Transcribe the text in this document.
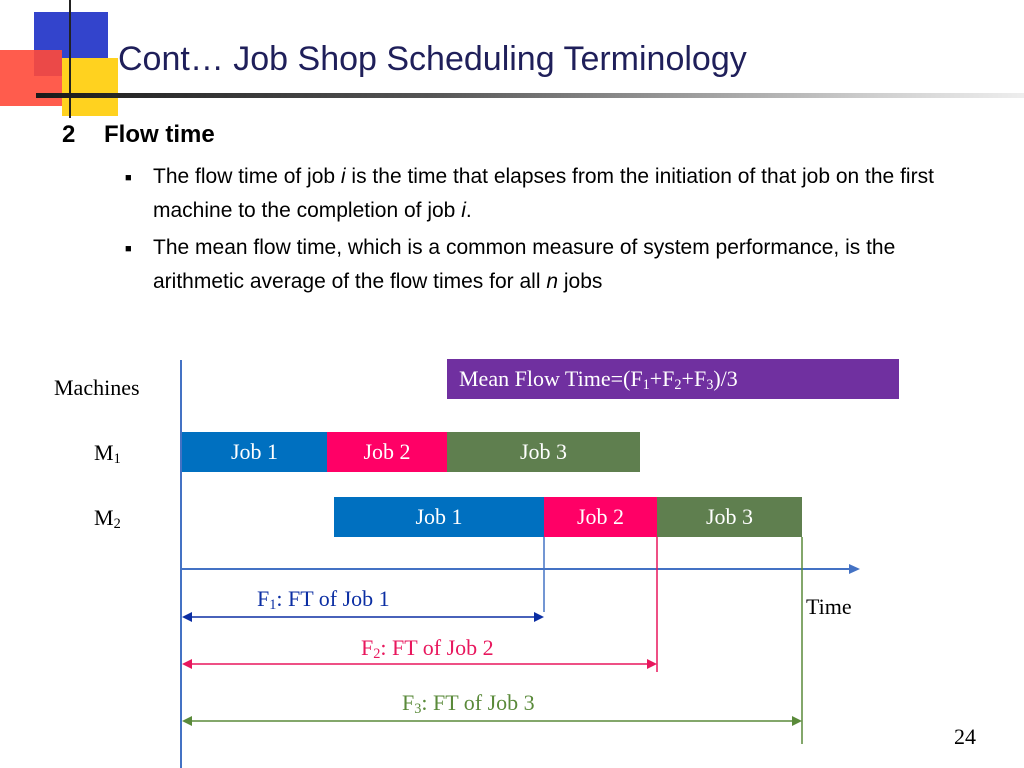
Cont… Job Shop Scheduling Terminology
2 Flow time
■ The flow time of job i is the time that elapses from the initiation of that job on the first machine to the completion of job i.
■ The mean flow time, which is a common measure of system performance, is the arithmetic average of the flow times for all n jobs
Machines
$M_1$
$M_2$
Mean Flow $Time=(F_1+F_2+F_3)/3$
Job 1	Job 2	Job 3
Job 1	Job 2	Job 3
Time
$F_1$: FT of Job 1
$F_2$: FT of Job 2
$F_3$: FT of Job 3
24
